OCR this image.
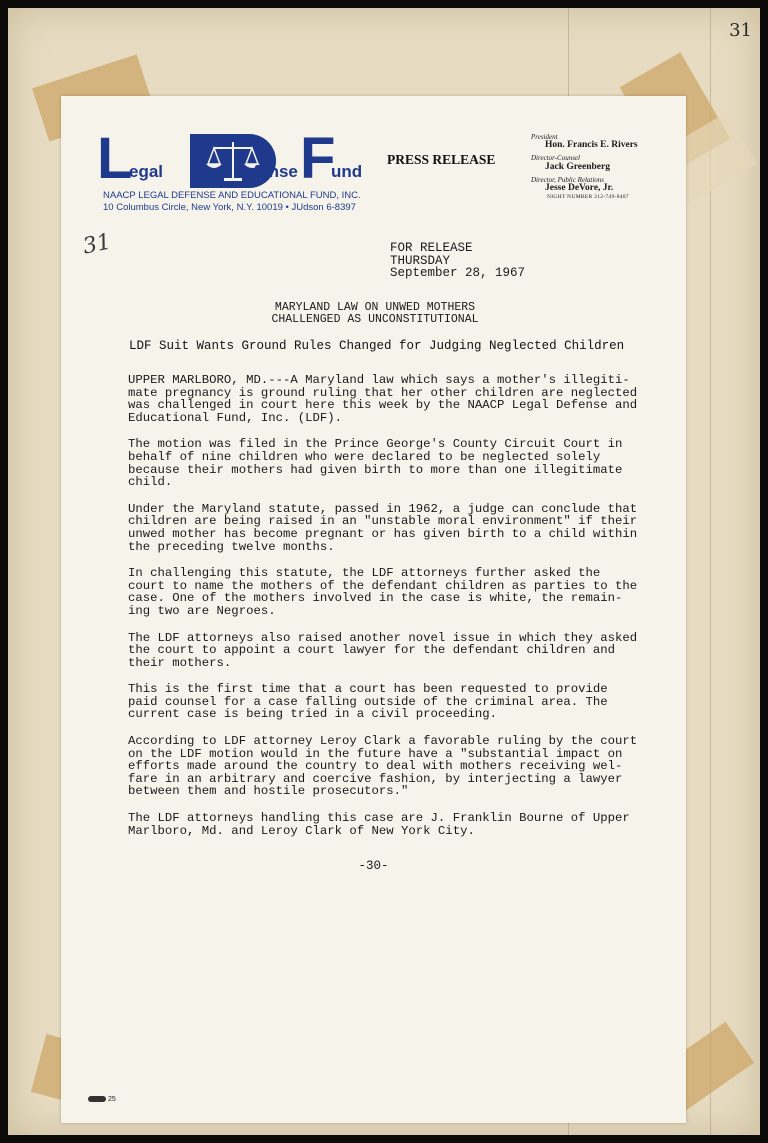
31
L
egal	efense F
und
NAACP LEGAL DEFENSE AND EDUCATIONAL FUND, INC.
10 Columbus Circle, New York, N.Y. 10019 • JUdson 6-8397
PRESS RELEASE
President
Hon. Francis E. Rivers
Director-Counsel
Jack Greenberg
Director, Public Relations
Jesse DeVore, Jr.
NIGHT NUMBER 212-749-8487
31	FOR RELEASE
THURSDAY
September 28, 1967
MARYLAND LAW ON UNWED MOTHERS
CHALLENGED AS UNCONSTITUTIONAL
LDF Suit Wants Ground Rules Changed for Judging Neglected Children

UPPER MARLBORO, MD.---A Maryland law which says a mother's illegiti-
mate pregnancy is ground ruling that her other children are neglected
was challenged in court here this week by the NAACP Legal Defense and
Educational Fund, Inc. (LDF).

The motion was filed in the Prince George's County Circuit Court in
behalf of nine children who were declared to be neglected solely
because their mothers had given birth to more than one illegitimate
child.

Under the Maryland statute, passed in 1962, a judge can conclude that
children are being raised in an "unstable moral environment" if their
unwed mother has become pregnant or has given birth to a child within
the preceding twelve months.

In challenging this statute, the LDF attorneys further asked the
court to name the mothers of the defendant children as parties to the
case. One of the mothers involved in the case is white, the remain-
ing two are Negroes.

The LDF attorneys also raised another novel issue in which they asked
the court to appoint a court lawyer for the defendant children and
their mothers.

This is the first time that a court has been requested to provide
paid counsel for a case falling outside of the criminal area. The
current case is being tried in a civil proceeding.

According to LDF attorney Leroy Clark a favorable ruling by the court
on the LDF motion would in the future have a "substantial impact on
efforts made around the country to deal with mothers receiving wel-
fare in an arbitrary and coercive fashion, by interjecting a lawyer
between them and hostile prosecutors."

The LDF attorneys handling this case are J. Franklin Bourne of Upper
Marlboro, Md. and Leroy Clark of New York City.

-30-
25
